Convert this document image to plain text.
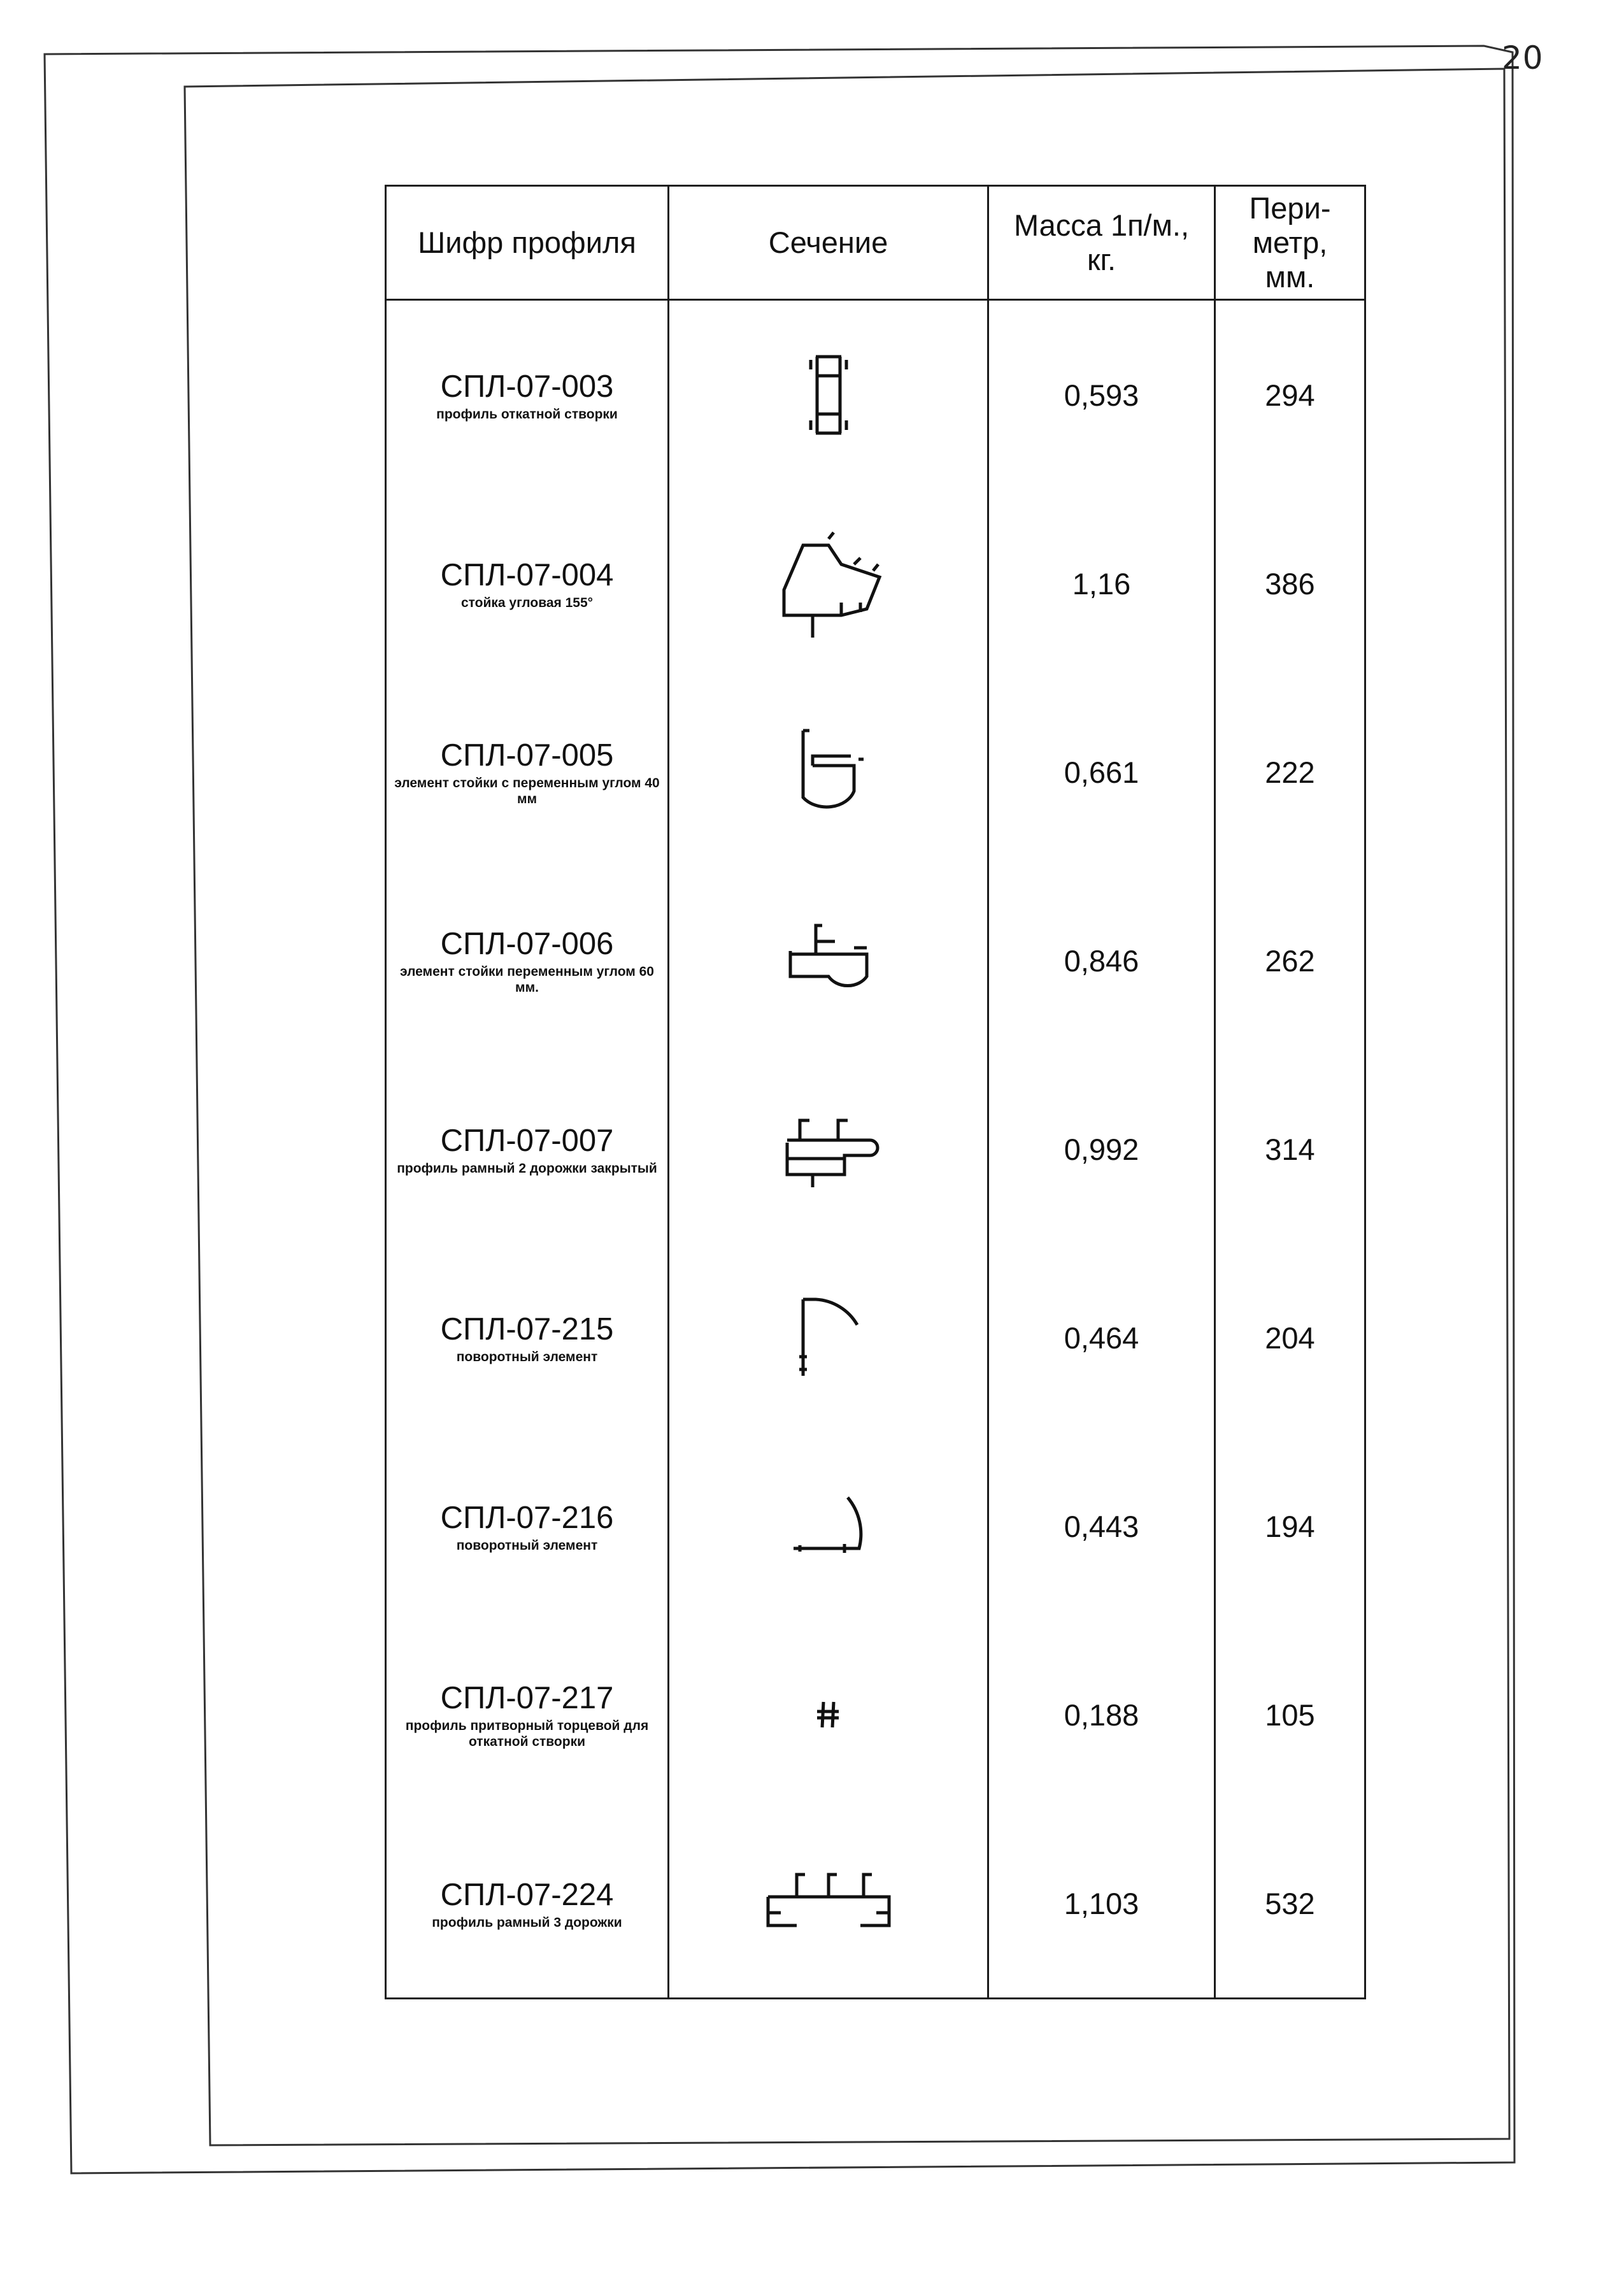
20
Шифр профиля	Сечение	Масса 1п/м., кг.	Пери-метр, мм.

СПЛ-07-003
профиль откатной створки		0,593	294

СПЛ-07-004
стойка угловая 155°		1,16	386

СПЛ-07-005
элемент стойки с переменным углом 40 мм		0,661	222

СПЛ-07-006
элемент стойки переменным углом 60 мм.		0,846	262

СПЛ-07-007
профиль рамный 2 дорожки закрытый		0,992	314

СПЛ-07-215
поворотный элемент		0,464	204

СПЛ-07-216
поворотный элемент		0,443	194

СПЛ-07-217
профиль притворный торцевой для откатной створки		0,188	105

СПЛ-07-224
профиль рамный 3 дорожки		1,103	532
